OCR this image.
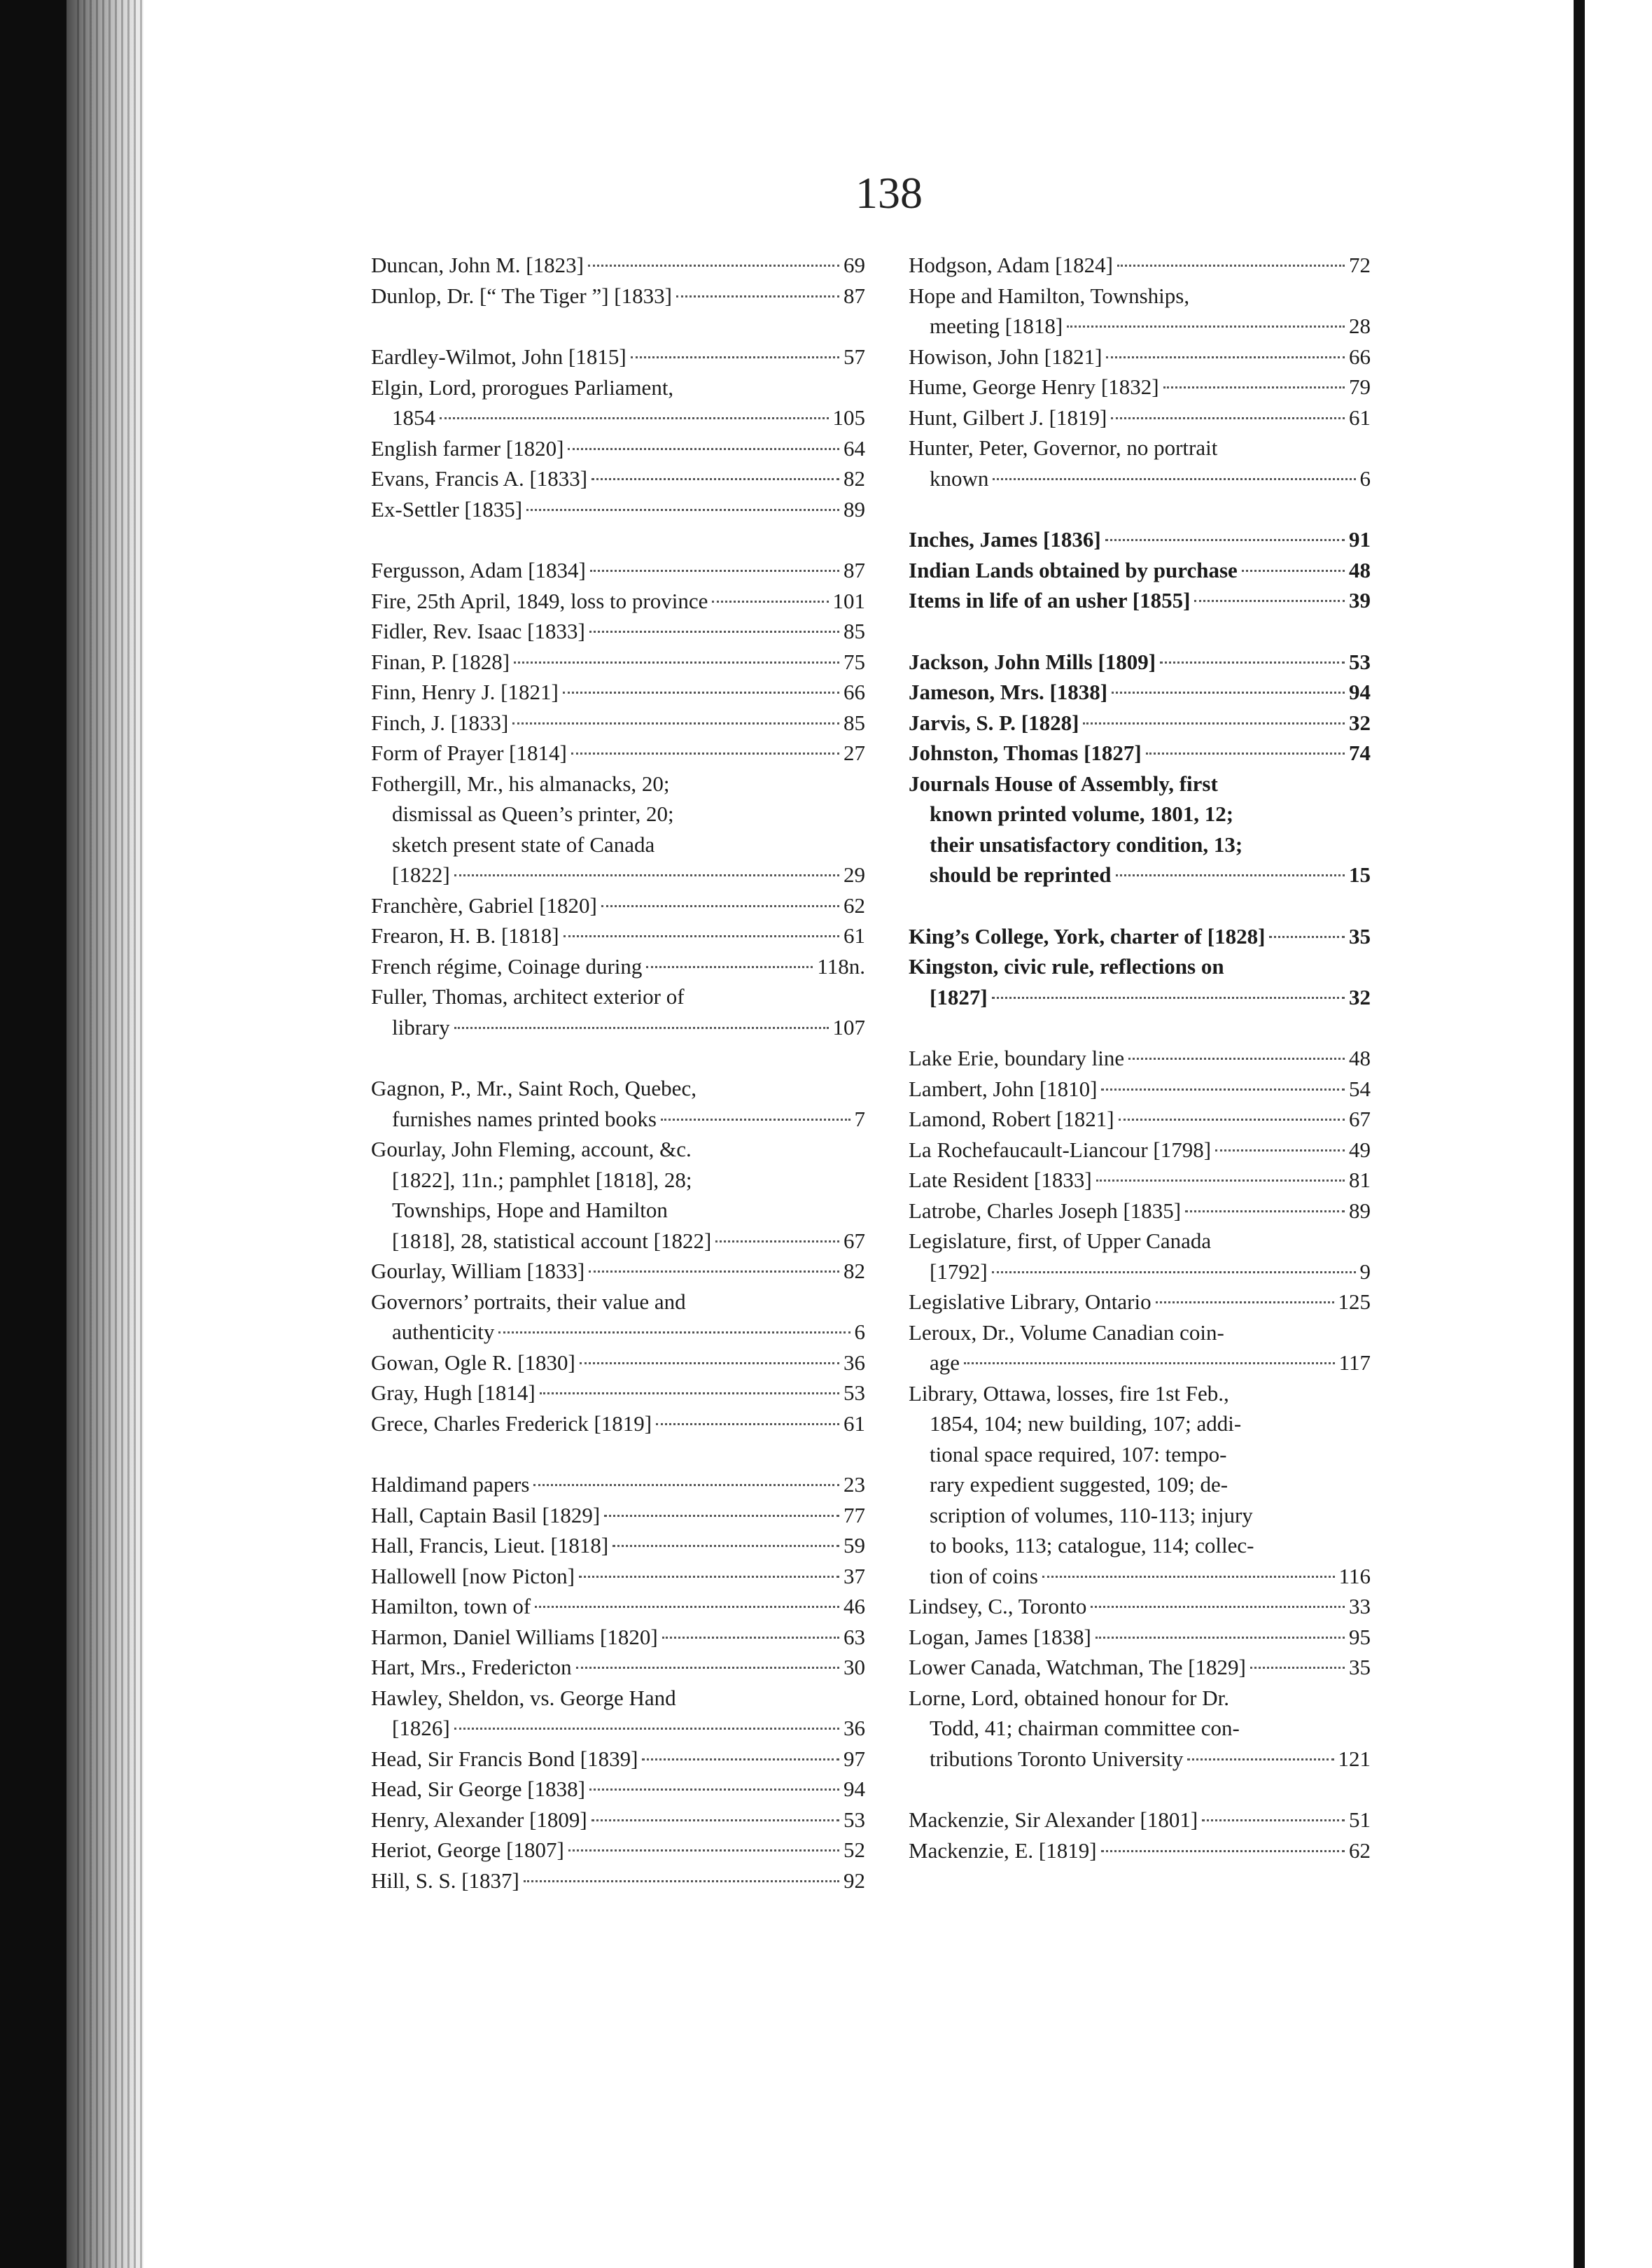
138
Duncan, John M. [1823]	69
Dunlop, Dr. [“ The Tiger ”] [1833]	87
Eardley-Wilmot, John [1815]	57
Elgin, Lord, prorogues Parliament,
1854	105
English farmer [1820]	64
Evans, Francis A. [1833]	82
Ex-Settler [1835]	89
Fergusson, Adam [1834]	87
Fire, 25th April, 1849, loss to province	101
Fidler, Rev. Isaac [1833]	85
Finan, P. [1828]	75
Finn, Henry J. [1821]	66
Finch, J. [1833]	85
Form of Prayer [1814]	27
Fothergill, Mr., his almanacks, 20;
dismissal as Queen’s printer, 20;
sketch present state of Canada
[1822]	29
Franchère, Gabriel [1820]	62
Frearon, H. B. [1818]	61
French régime, Coinage during	118n.
Fuller, Thomas, architect exterior of
library	107
Gagnon, P., Mr., Saint Roch, Quebec,
furnishes names printed books	7
Gourlay, John Fleming, account, &c.
[1822], 11n.; pamphlet [1818], 28;
Townships, Hope and Hamilton
[1818], 28, statistical account [1822]	67
Gourlay, William [1833]	82
Governors’ portraits, their value and
authenticity	6
Gowan, Ogle R. [1830]	36
Gray, Hugh [1814]	53
Grece, Charles Frederick [1819]	61
Haldimand papers	23
Hall, Captain Basil [1829]	77
Hall, Francis, Lieut. [1818]	59
Hallowell [now Picton]	37
Hamilton, town of	46
Harmon, Daniel Williams [1820]	63
Hart, Mrs., Fredericton	30
Hawley, Sheldon, vs. George Hand
[1826]	36
Head, Sir Francis Bond [1839]	97
Head, Sir George [1838]	94
Henry, Alexander [1809]	53
Heriot, George [1807]	52
Hill, S. S. [1837]	92
Hodgson, Adam [1824]	72
Hope and Hamilton, Townships,
meeting [1818]	28
Howison, John [1821]	66
Hume, George Henry [1832]	79
Hunt, Gilbert J. [1819]	61
Hunter, Peter, Governor, no portrait
known	6
Inches, James [1836]	91
Indian Lands obtained by purchase	48
Items in life of an usher [1855]	39
Jackson, John Mills [1809]	53
Jameson, Mrs. [1838]	94
Jarvis, S. P. [1828]	32
Johnston, Thomas [1827]	74
Journals House of Assembly, first
known printed volume, 1801, 12;
their unsatisfactory condition, 13;
should be reprinted	15
King’s College, York, charter of [1828]	35
Kingston, civic rule, reflections on
[1827]	32
Lake Erie, boundary line	48
Lambert, John [1810]	54
Lamond, Robert [1821]	67
La Rochefaucault-Liancour [1798]	49
Late Resident [1833]	81
Latrobe, Charles Joseph [1835]	89
Legislature, first, of Upper Canada
[1792]	9
Legislative Library, Ontario	125
Leroux, Dr., Volume Canadian coin-
age	117
Library, Ottawa, losses, fire 1st Feb.,
1854, 104; new building, 107; addi-
tional space required, 107: tempo-
rary expedient suggested, 109; de-
scription of volumes, 110-113; injury
to books, 113; catalogue, 114; collec-
tion of coins	116
Lindsey, C., Toronto	33
Logan, James [1838]	95
Lower Canada, Watchman, The [1829]	35
Lorne, Lord, obtained honour for Dr.
Todd, 41; chairman committee con-
tributions Toronto University	121
Mackenzie, Sir Alexander [1801]	51
Mackenzie, E. [1819]	62
